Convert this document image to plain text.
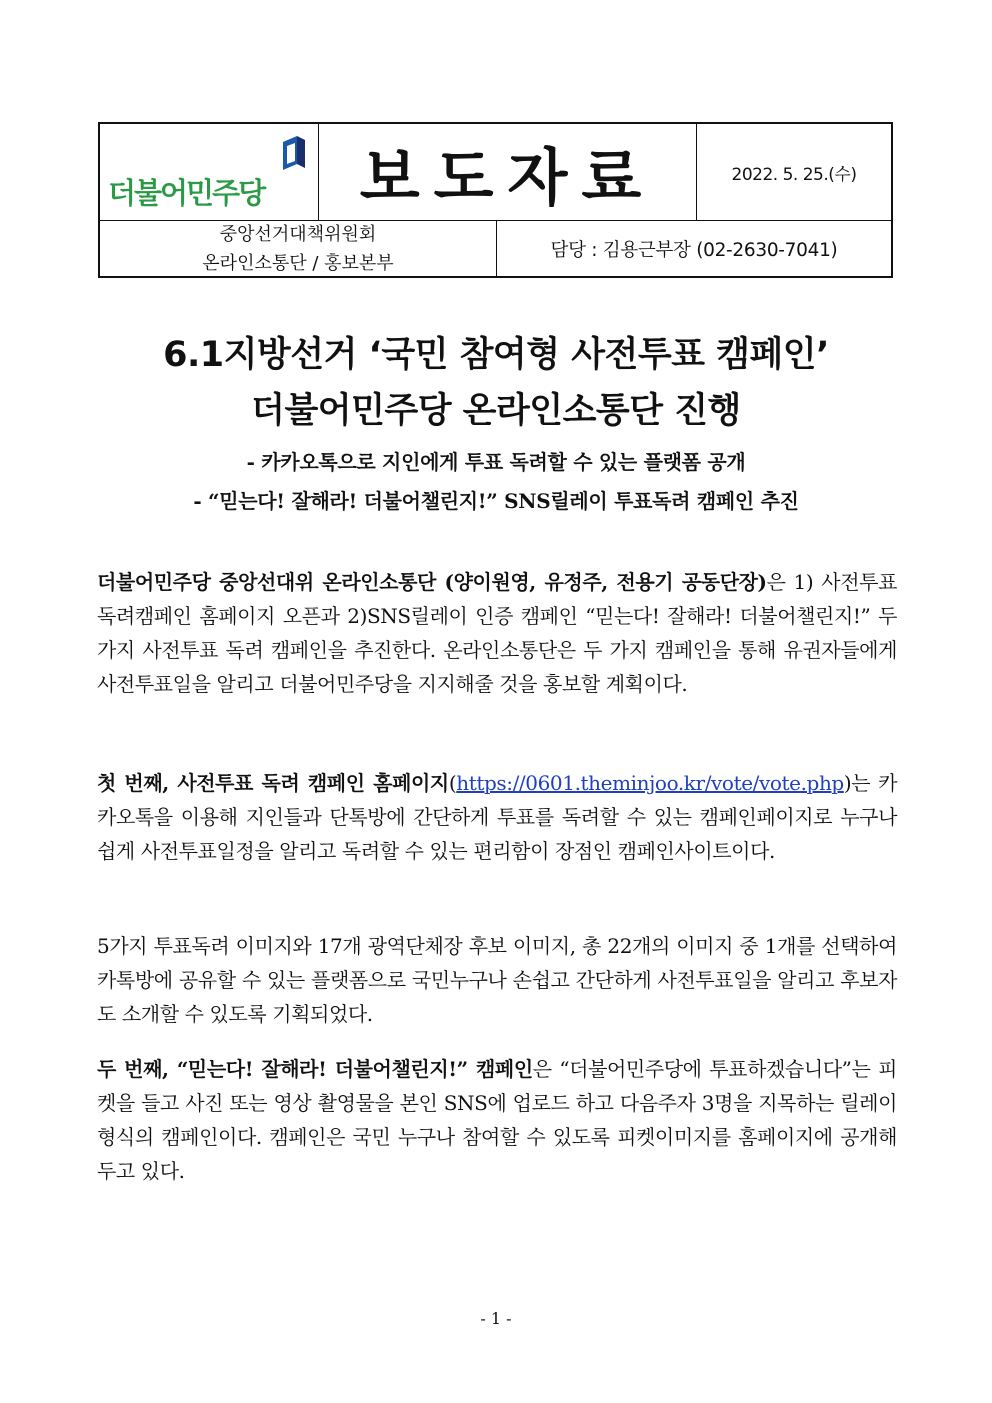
더불어민주당 보도자료	2022. 5. 25.(수)
중앙선거대책위원회
온라인소통단 / 홍보본부
담당 : 김용근부장 (02-2630-7041)
6.1지방선거 ‘국민 참여형 사전투표 캠페인’
더불어민주당 온라인소통단 진행
- 카카오톡으로 지인에게 투표 독려할 수 있는 플랫폼 공개
- “믿는다! 잘해라! 더불어챌린지!” SNS릴레이 투표독려 캠페인 추진
더불어민주당 중앙선대위 온라인소통단 (양이원영, 유정주, 전용기 공동단장)은 1) 사전투표독려캠페인 홈페이지 오픈과 2)SNS릴레이 인증 캠페인 “믿는다! 잘해라! 더불어챌린지!” 두 가지 사전투표 독려 캠페인을 추진한다. 온라인소통단은 두 가지 캠페인을 통해 유권자들에게 사전투표일을 알리고 더불어민주당을 지지해줄 것을 홍보할 계획이다.
첫 번째, 사전투표 독려 캠페인 홈페이지(https://0601.theminjoo.kr/vote/vote.php)는 카카오톡을 이용해 지인들과 단톡방에 간단하게 투표를 독려할 수 있는 캠페인페이지로 누구나 쉽게 사전투표일정을 알리고 독려할 수 있는 편리함이 장점인 캠페인사이트이다.
5가지 투표독려 이미지와 17개 광역단체장 후보 이미지, 총 22개의 이미지 중 1개를 선택하여 카톡방에 공유할 수 있는 플랫폼으로 국민누구나 손쉽고 간단하게 사전투표일을 알리고 후보자도 소개할 수 있도록 기획되었다.
두 번째, “믿는다! 잘해라! 더불어챌린지!” 캠페인은 “더불어민주당에 투표하겠습니다”는 피켓을 들고 사진 또는 영상 촬영물을 본인 SNS에 업로드 하고 다음주자 3명을 지목하는 릴레이 형식의 캠페인이다. 캠페인은 국민 누구나 참여할 수 있도록 피켓이미지를 홈페이지에 공개해두고 있다.
- 1 -
